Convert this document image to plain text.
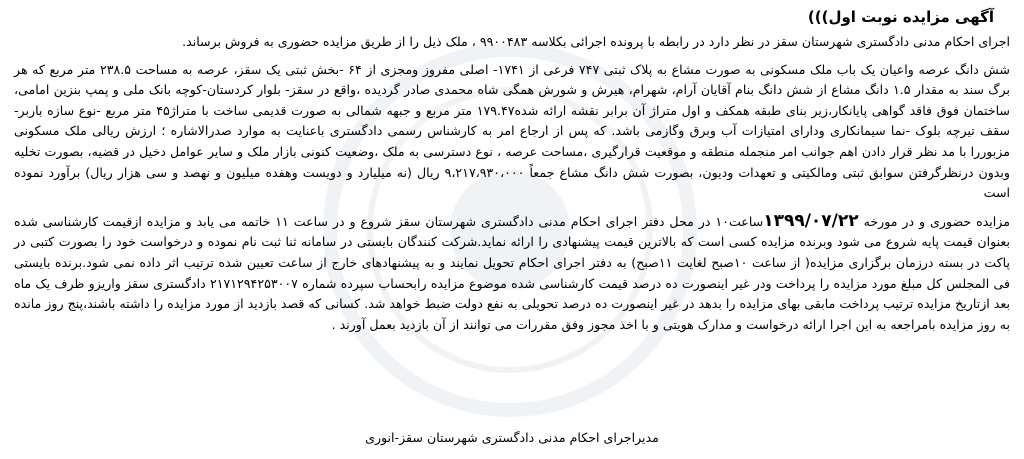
آگهی مزایده نوبت اول)))

اجرای احکام مدنی دادگستری شهرستان سقز در نظر دارد در رابطه با پرونده اجرائی بکلاسه ۹۹۰۰۴۸۳ ، ملک ذیل را از طریق مزایده حضوری به فروش برساند.

شش دانگ عرصه واعیان یک باب ملک مسکونی به صورت مشاع به پلاک ثبتی ۷۴۷ فرعی از ۱۷۴۱- اصلی مفروز ومجزی از ۶۴ -بخش ثبتی یک سقز، عرصه به مساحت ۲۳۸.۵ متر مربع که هر برگ سند به مقدار ۱.۵ دانگ مشاع از شش دانگ بنام آقایان آرام، شهرام، هیرش و شورش همگی شاه محمدی صادر گردیده ،واقع در سقز- بلوار کردستان-کوچه بانک ملی و پمپ بنزین امامی، ساختمان فوق فاقد گواهی پایانکار،زیر بنای طبقه همکف و اول متراژ آن برابر نقشه ارائه شده۱۷۹.۴۷ متر مربع و جبهه شمالی به صورت قدیمی ساخت با متراژ۴۵ متر مربع -نوع سازه باربر- سقف تیرچه بلوک -نما سیمانکاری ودارای امتیازات آب وبرق وگازمی باشد. که پس از ارجاع امر به کارشناس رسمی دادگستری باعنایت به موارد صدرالاشاره ؛ ارزش ریالی ملک مسکونی مزبوررا با مد نظر قرار دادن اهم جوانب امر منجمله منطقه و موقعیت قرارگیری ،مساحت عرصه ، نوع دسترسی به ملک ،وضعیت کنونی بازار ملک و سایر عوامل دخیل در قضیه، بصورت تخلیه وبدون درنظرگرفتن سوابق ثبتی ومالکیتی و تعهدات ودیون، بصورت شش دانگ مشاع جمعاً ۹،۲۱۷،۹۳۰،۰۰۰ ریال (نه میلیارد و دویست وهفده میلیون و نهصد و سی هزار ریال) برآورد نموده است

مزایده حضوری و در مورخه ۱۳۹۹/۰۷/۲۲ساعت۱۰ در محل دفتر اجرای احکام مدنی دادگستری شهرستان سقز شروع و در ساعت ۱۱ خاتمه می یابد و مزایده ازقیمت کارشناسی شده بعنوان قیمت پایه شروع می شود وبرنده مزایده کسی است که بالاترین قیمت پیشنهادی را ارائه نماید.شرکت کنندگان بایستی در سامانه ثنا ثبت نام نموده و درخواست خود را بصورت کتبی در پاکت در بسته درزمان برگزاری مزایده( از ساعت ۱۰صبح لغایت ۱۱صبح) به دفتر اجرای احکام تحویل نمایند و به پیشنهادهای خارج از ساعت تعیین شده ترتیب اثر داده نمی شود.برنده بایستی فی المجلس کل مبلغ مورد مزایده را پرداخت ودر غیر اینصورت ده درصد قیمت کارشناسی شده موضوع مزایده رابحساب سپرده شماره ۲۱۷۱۲۹۴۲۵۳۰۰۷ دادگستری سقز واریزو ظرف یک ماه بعد ازتاریخ مزایده ترتیب پرداخت مابقی بهای مزایده را بدهد در غیر اینصورت ده درصد تحویلی به نفع دولت ضبط خواهد شد. کسانی که قصد بازدید از مورد مزایده را داشته باشند،پنج روز مانده به روز مزایده بامراجعه به این اجرا ارائه درخواست و مدارک هویتی و با اخذ مجوز وفق مقررات می توانند از آن بازدید بعمل آورند .

مدیراجرای احکام مدنی دادگستری شهرستان سقز-انوری
